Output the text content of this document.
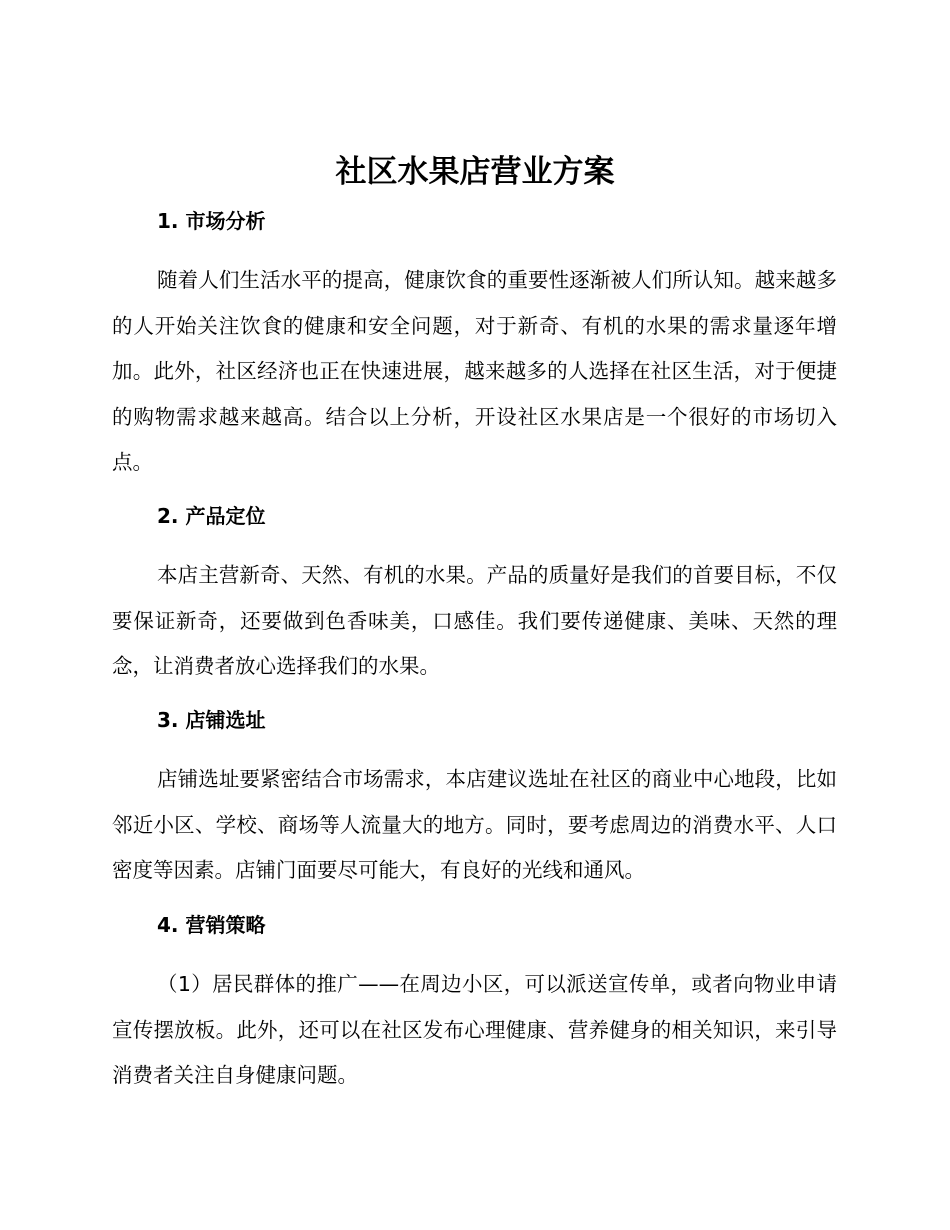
社区水果店营业方案
1. 市场分析

随着人们生活水平的提高，健康饮食的重要性逐渐被人们所认知。越来越多的人开始关注饮食的健康和安全问题，对于新奇、有机的水果的需求量逐年增加。此外，社区经济也正在快速进展，越来越多的人选择在社区生活，对于便捷的购物需求越来越高。结合以上分析，开设社区水果店是一个很好的市场切入点。

2. 产品定位

本店主营新奇、天然、有机的水果。产品的质量好是我们的首要目标，不仅要保证新奇，还要做到色香味美，口感佳。我们要传递健康、美味、天然的理念，让消费者放心选择我们的水果。

3. 店铺选址

店铺选址要紧密结合市场需求，本店建议选址在社区的商业中心地段，比如邻近小区、学校、商场等人流量大的地方。同时，要考虑周边的消费水平、人口密度等因素。店铺门面要尽可能大，有良好的光线和通风。

4. 营销策略

（1）居民群体的推广——在周边小区，可以派送宣传单，或者向物业申请宣传摆放板。此外，还可以在社区发布心理健康、营养健身的相关知识，来引导消费者关注自身健康问题。
